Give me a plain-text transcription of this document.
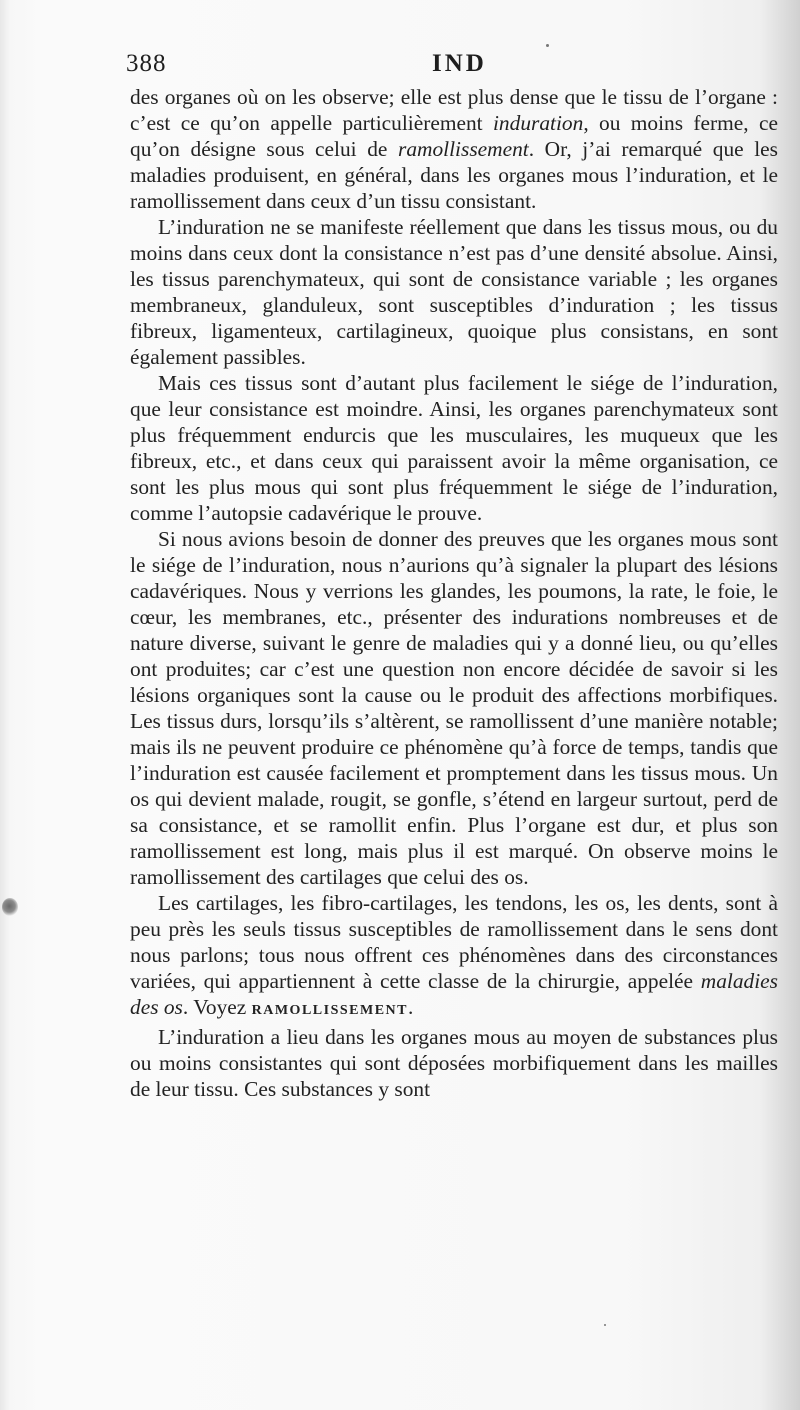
388	IND

des organes où on les observe; elle est plus dense que le tissu de l’organe : c’est ce qu’on appelle particulièrement induration, ou moins ferme, ce qu’on désigne sous celui de ramollissement. Or, j’ai remarqué que les maladies produisent, en général, dans les organes mous l’induration, et le ramollissement dans ceux d’un tissu consistant.

L’induration ne se manifeste réellement que dans les tissus mous, ou du moins dans ceux dont la consistance n’est pas d’une densité absolue. Ainsi, les tissus parenchymateux, qui sont de consistance variable ; les organes membraneux, glanduleux, sont susceptibles d’induration ; les tissus fibreux, ligamenteux, cartilagineux, quoique plus consistans, en sont également passibles.

Mais ces tissus sont d’autant plus facilement le siége de l’induration, que leur consistance est moindre. Ainsi, les organes parenchymateux sont plus fréquemment endurcis que les musculaires, les muqueux que les fibreux, etc., et dans ceux qui paraissent avoir la même organisation, ce sont les plus mous qui sont plus fréquemment le siége de l’induration, comme l’autopsie cadavérique le prouve.

Si nous avions besoin de donner des preuves que les organes mous sont le siége de l’induration, nous n’aurions qu’à signaler la plupart des lésions cadavériques. Nous y verrions les glandes, les poumons, la rate, le foie, le cœur, les membranes, etc., présenter des indurations nombreuses et de nature diverse, suivant le genre de maladies qui y a donné lieu, ou qu’elles ont produites; car c’est une question non encore décidée de savoir si les lésions organiques sont la cause ou le produit des affections morbifiques. Les tissus durs, lorsqu’ils s’altèrent, se ramollissent d’une manière notable; mais ils ne peuvent produire ce phénomène qu’à force de temps, tandis que l’induration est causée facilement et promptement dans les tissus mous. Un os qui devient malade, rougit, se gonfle, s’étend en largeur surtout, perd de sa consistance, et se ramollit enfin. Plus l’organe est dur, et plus son ramollissement est long, mais plus il est marqué. On observe moins le ramollissement des cartilages que celui des os.

Les cartilages, les fibro-cartilages, les tendons, les os, les dents, sont à peu près les seuls tissus susceptibles de ramollissement dans le sens dont nous parlons; tous nous offrent ces phénomènes dans des circonstances variées, qui appartiennent à cette classe de la chirurgie, appelée maladies des os. Voyez RAMOLLISSEMENT.

L’induration a lieu dans les organes mous au moyen de substances plus ou moins consistantes qui sont déposées morbifiquement dans les mailles de leur tissu. Ces substances y sont
